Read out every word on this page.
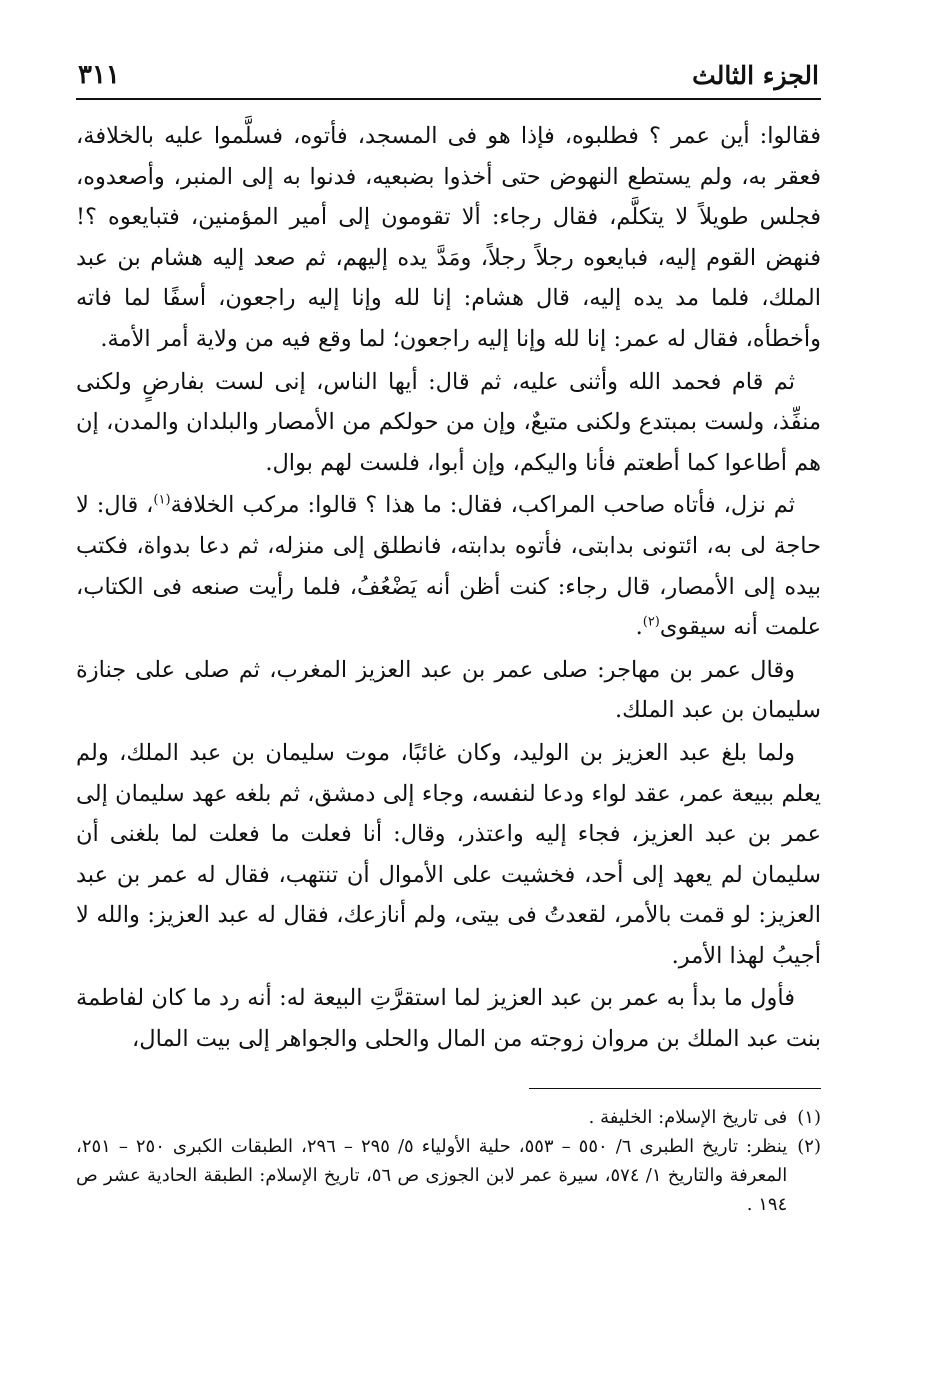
الجزء الثالث
٣١١

فقالوا: أين عمر ؟ فطلبوه، فإذا هو فى المسجد، فأتوه، فسلَّموا عليه بالخلافة، فعقر به، ولم يستطع النهوض حتى أخذوا بضبعيه، فدنوا به إلى المنبر، وأصعدوه، فجلس طويلاً لا يتكلَّم، فقال رجاء: ألا تقومون إلى أمير المؤمنين، فتبايعوه ؟! فنهض القوم إليه، فبايعوه رجلاً رجلاً، ومَدَّ يده إليهم، ثم صعد إليه هشام بن عبد الملك، فلما مد يده إليه، قال هشام: إنا لله وإنا إليه راجعون، أسفًا لما فاته وأخطأه، فقال له عمر: إنا لله وإنا إليه راجعون؛ لما وقع فيه من ولاية أمر الأمة.

ثم قام فحمد الله وأثنى عليه، ثم قال: أيها الناس، إنى لست بفارضٍ ولكنى منفِّذ، ولست بمبتدع ولكنى متبعٌ، وإن من حولكم من الأمصار والبلدان والمدن، إن هم أطاعوا كما أطعتم فأنا واليكم، وإن أبوا، فلست لهم بوال.

ثم نزل، فأتاه صاحب المراكب، فقال: ما هذا ؟ قالوا: مركب الخلافة$^{(١)}$، قال: لا حاجة لى به، ائتونى بدابتى، فأتوه بدابته، فانطلق إلى منزله، ثم دعا بدواة، فكتب بيده إلى الأمصار، قال رجاء: كنت أظن أنه يَضْعُفُ، فلما رأيت صنعه فى الكتاب، علمت أنه سيقوى$^{(٢)}$.

وقال عمر بن مهاجر: صلى عمر بن عبد العزيز المغرب، ثم صلى على جنازة سليمان بن عبد الملك.

ولما بلغ عبد العزيز بن الوليد، وكان غائبًا، موت سليمان بن عبد الملك، ولم يعلم ببيعة عمر، عقد لواء ودعا لنفسه، وجاء إلى دمشق، ثم بلغه عهد سليمان إلى عمر بن عبد العزيز، فجاء إليه واعتذر، وقال: أنا فعلت ما فعلت لما بلغنى أن سليمان لم يعهد إلى أحد، فخشيت على الأموال أن تنتهب، فقال له عمر بن عبد العزيز: لو قمت بالأمر، لقعدتُ فى بيتى، ولم أنازعك، فقال له عبد العزيز: والله لا أجيبُ لهذا الأمر.

فأول ما بدأ به عمر بن عبد العزيز لما استقرَّتِ البيعة له: أنه رد ما كان لفاطمة بنت عبد الملك بن مروان زوجته من المال والحلى والجواهر إلى بيت المال،

(١)
فى تاريخ الإسلام: الخليفة .
(٢)
ينظر: تاريخ الطبرى ٦/ ٥٥٠ – ٥٥٣، حلية الأولياء ٥/ ٢٩٥ – ٢٩٦، الطبقات الكبرى ٢٥٠ – ٢٥١، المعرفة والتاريخ ١/ ٥٧٤، سيرة عمر لابن الجوزى ص ٥٦، تاريخ الإسلام: الطبقة الحادية عشر ص ١٩٤ .
